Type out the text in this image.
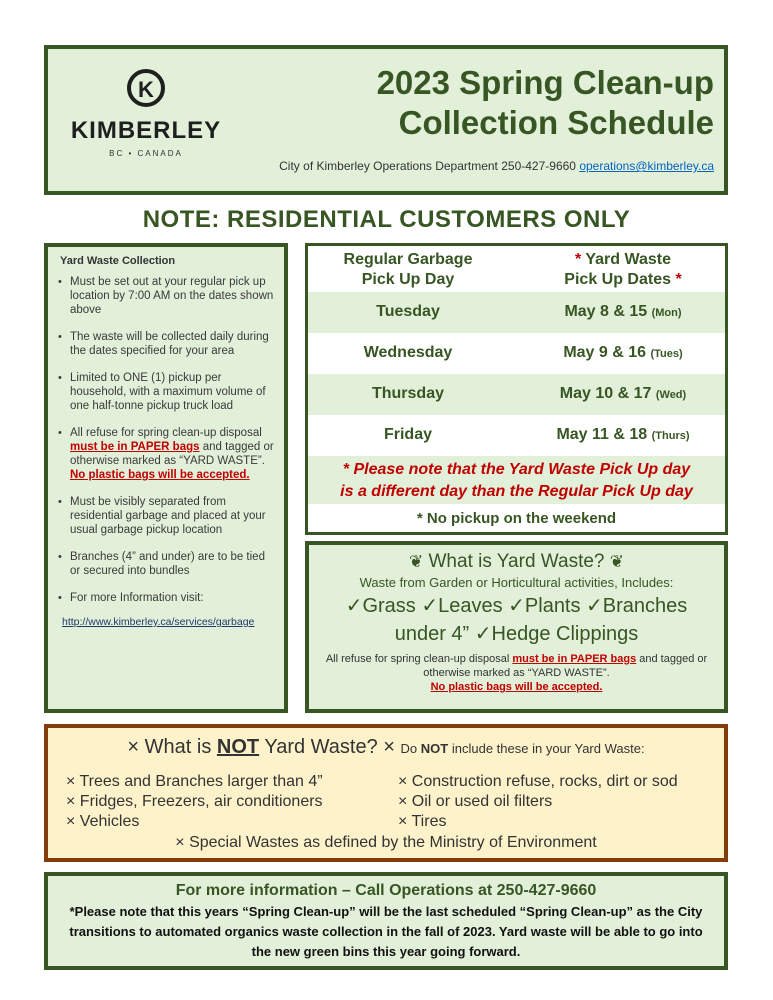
K
KIMBERLEY
BC • CANADA
2023 Spring Clean-up
Collection Schedule
City of Kimberley Operations Department 250-427-9660 operations@kimberley.ca
NOTE: RESIDENTIAL CUSTOMERS ONLY
Yard Waste Collection
• Must be set out at your regular pick up location by 7:00 AM on the dates shown above
• The waste will be collected daily during the dates specified for your area
• Limited to ONE (1) pickup per household, with a maximum volume of one half-tonne pickup truck load
• All refuse for spring clean-up disposal must be in PAPER bags and tagged or otherwise marked as “YARD WASTE”. No plastic bags will be accepted.
• Must be visibly separated from residential garbage and placed at your usual garbage pickup location
• Branches (4” and under) are to be tied or secured into bundles
• For more Information visit:
http://www.kimberley.ca/services/garbage
Regular Garbage
Pick Up Day
* Yard Waste
Pick Up Dates *
Tuesday	May 8 & 15 (Mon)
Wednesday	May 9 & 16 (Tues)
Thursday	May 10 & 17 (Wed)
Friday	May 11 & 18 (Thurs)
* Please note that the Yard Waste Pick Up day
is a different day than the Regular Pick Up day
* No pickup on the weekend
❦ What is Yard Waste? ❦
Waste from Garden or Horticultural activities, Includes:
✓Grass ✓Leaves ✓Plants ✓Branches
under 4” ✓Hedge Clippings
All refuse for spring clean-up disposal must be in PAPER bags and tagged or otherwise marked as “YARD WASTE”.
No plastic bags will be accepted.
× What is NOT Yard Waste? × Do NOT include these in your Yard Waste:
× Trees and Branches larger than 4”
× Fridges, Freezers, air conditioners
× Vehicles
× Construction refuse, rocks, dirt or sod
× Oil or used oil filters
× Tires
× Special Wastes as defined by the Ministry of Environment
For more information – Call Operations at 250-427-9660
*Please note that this years “Spring Clean-up” will be the last scheduled “Spring Clean-up” as the City transitions to automated organics waste collection in the fall of 2023. Yard waste will be able to go into the new green bins this year going forward.
